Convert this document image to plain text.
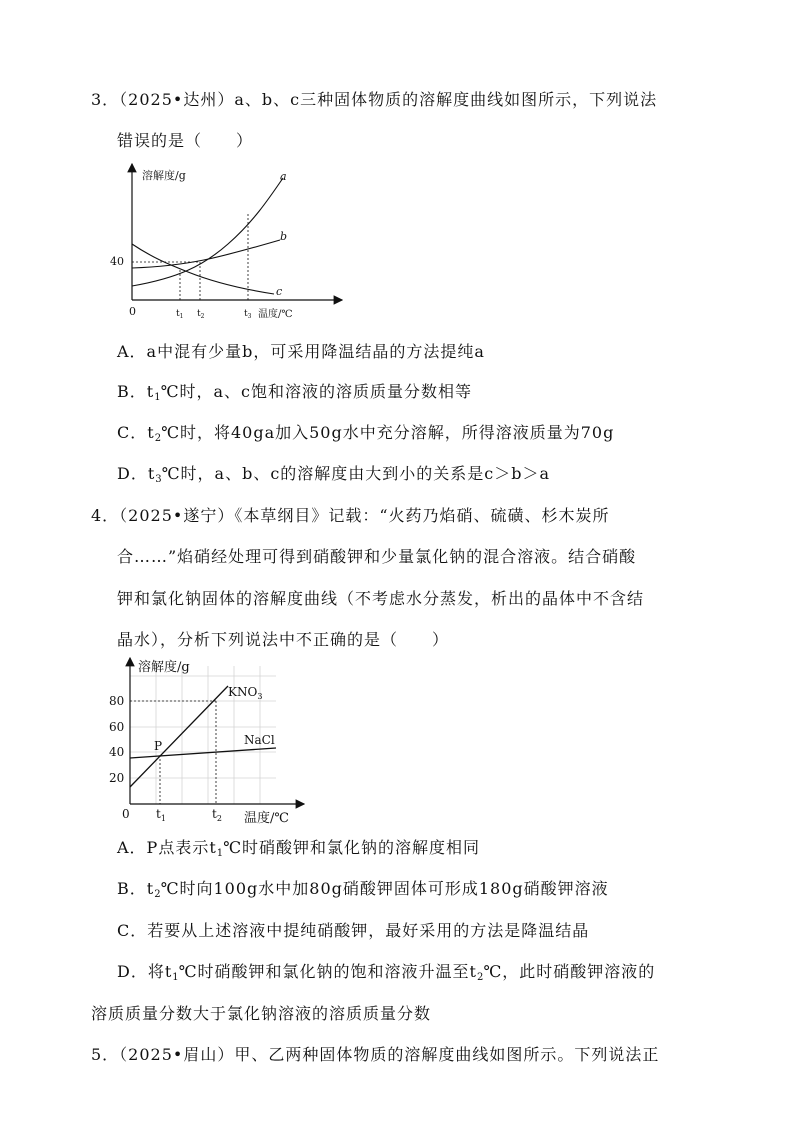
3．（2025•达州）a、b、c三种固体物质的溶解度曲线如图所示，下列说法
错误的是（　　）
溶解度/g
温度/℃
0
40
$t_1$ $t_2$	$t_3$
a
b
c
A．a中混有少量b，可采用降温结晶的方法提纯a
B．$t_1℃$时，a、c饱和溶液的溶质质量分数相等
C．$t_2℃$时，将40ga加入50g水中充分溶解，所得溶液质量为70g
D．$t_3℃$时，a、b、c的溶解度由大到小的关系是c＞b＞a
4．（2025•遂宁）《本草纲目》记载：“火药乃焰硝、硫磺、杉木炭所
合……”焰硝经处理可得到硝酸钾和少量氯化钠的混合溶液。结合硝酸
钾和氯化钠固体的溶解度曲线（不考虑水分蒸发，析出的晶体中不含结
晶水），分析下列说法中不正确的是（　　）
溶解度/g
温度/℃
0
80
60
40
20
$t_1$	$t_2$
P
$KNO_3$
NaCl
A．P点表示$t_1℃$时硝酸钾和氯化钠的溶解度相同
B．$t_2℃$时向100g水中加80g硝酸钾固体可形成180g硝酸钾溶液
C．若要从上述溶液中提纯硝酸钾，最好采用的方法是降温结晶
D．将$t_1℃$时硝酸钾和氯化钠的饱和溶液升温至$t_2℃$，此时硝酸钾溶液的
溶质质量分数大于氯化钠溶液的溶质质量分数
5．（2025•眉山）甲、乙两种固体物质的溶解度曲线如图所示。下列说法正
